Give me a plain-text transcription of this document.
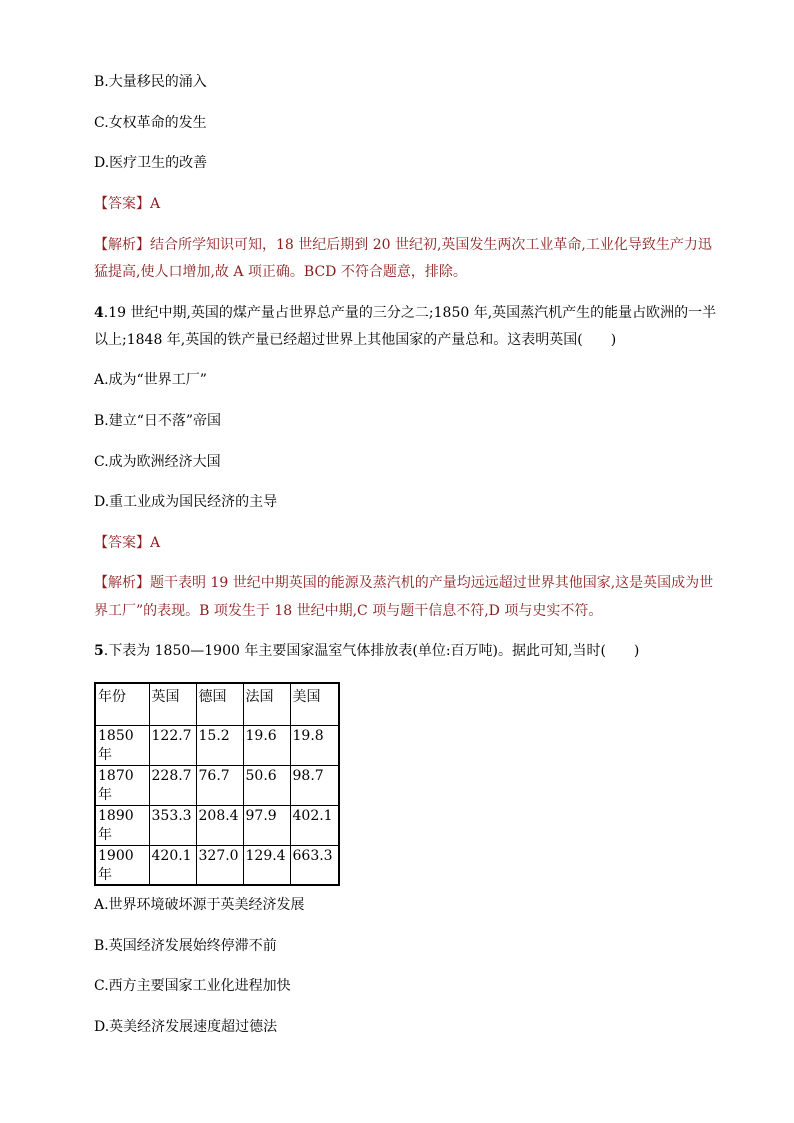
B.大量移民的涌入
C.女权革命的发生
D.医疗卫生的改善
【答案】A
【解析】结合所学知识可知，18 世纪后期到 20 世纪初,英国发生两次工业革命,工业化导致生产力迅
猛提高,使人口增加,故 A 项正确。BCD 不符合题意，排除。
4.19 世纪中期,英国的煤产量占世界总产量的三分之二;1850 年,英国蒸汽机产生的能量占欧洲的一半
以上;1848 年,英国的铁产量已经超过世界上其他国家的产量总和。这表明英国(　　)
A.成为“世界工厂”
B.建立“日不落”帝国
C.成为欧洲经济大国
D.重工业成为国民经济的主导
【答案】A
【解析】题干表明 19 世纪中期英国的能源及蒸汽机的产量均远远超过世界其他国家,这是英国成为世
界工厂”的表现。B 项发生于 18 世纪中期,C 项与题干信息不符,D 项与史实不符。
5.下表为 1850—1900 年主要国家温室气体排放表(单位:百万吨)。据此可知,当时(　　)
年份	英国	德国	法国	美国
1850 年	122.7	15.2	19.6	19.8
1870 年	228.7	76.7	50.6	98.7
1890 年	353.3	208.4	97.9	402.1
1900 年	420.1	327.0	129.4	663.3
A.世界环境破坏源于英美经济发展
B.英国经济发展始终停滞不前
C.西方主要国家工业化进程加快
D.英美经济发展速度超过德法
